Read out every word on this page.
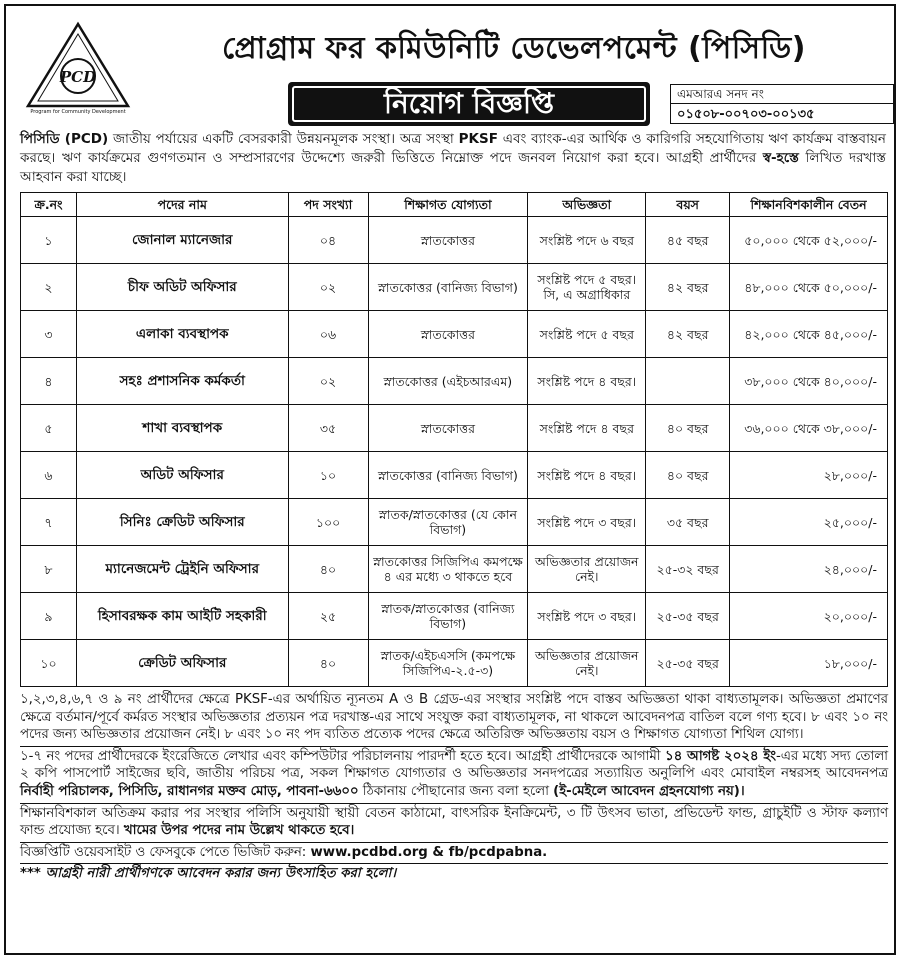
PCD
Program for Community Development
প্রোগ্রাম ফর কমিউনিটি ডেভেলপমেন্ট (পিসিডি)
নিয়োগ বিজ্ঞপ্তি	এমআরএ সনদ নং
০১৫০৮-০০৭০৩-০০১৩৫
পিসিডি (PCD) জাতীয় পর্যায়ের একটি বেসরকারী উন্নয়নমূলক সংস্থা। অত্র সংস্থা PKSF এবং ব্যাংক-এর আর্থিক ও কারিগরি সহযোগিতায় ঋণ কার্যক্রম বাস্তবায়ন করছে। ঋণ কার্যক্রমের গুণগতমান ও সম্প্রসারণের উদ্দেশ্যে জরুরী ভিত্তিতে নিম্নোক্ত পদে জনবল নিয়োগ করা হবে। আগ্রহী প্রার্থীদের স্ব-হস্তে লিখিত দরখাস্ত আহবান করা যাচ্ছে।
ক্র.নং	পদের নাম	পদ সংখ্যা	শিক্ষাগত যোগ্যতা	অভিজ্ঞতা	বয়স	শিক্ষানবিশকালীন বেতন
১	জোনাল ম্যানেজার	০৪	স্নাতকোত্তর	সংশ্লিষ্ট পদে ৬ বছর	৪৫ বছর	৫০,০০০ থেকে ৫২,০০০/-
২	চীফ অডিট অফিসার	০২	স্নাতকোত্তর (বানিজ্য বিভাগ)	সংশ্লিষ্ট পদে ৫ বছর। সি, এ অগ্রাধিকার	৪২ বছর	৪৮,০০০ থেকে ৫০,০০০/-
৩	এলাকা ব্যবস্থাপক	০৬	স্নাতকোত্তর	সংশ্লিষ্ট পদে ৫ বছর	৪২ বছর	৪২,০০০ থেকে ৪৫,০০০/-
৪	সহঃ প্রশাসনিক কর্মকর্তা	০২	স্নাতকোত্তর (এইচআরএম)	সংশ্লিষ্ট পদে ৪ বছর।		৩৮,০০০ থেকে ৪০,০০০/-
৫	শাখা ব্যবস্থাপক	৩৫	স্নাতকোত্তর	সংশ্লিষ্ট পদে ৪ বছর	৪০ বছর	৩৬,০০০ থেকে ৩৮,০০০/-
৬	অডিট অফিসার	১০	স্নাতকোত্তর (বানিজ্য বিভাগ)	সংশ্লিষ্ট পদে ৪ বছর।	৪০ বছর	২৮,০০০/-
৭	সিনিঃ ক্রেডিট অফিসার	১০০	স্নাতক/স্নাতকোত্তর (যে কোন বিভাগ)	সংশ্লিষ্ট পদে ৩ বছর।	৩৫ বছর	২৫,০০০/-
৮	ম্যানেজমেন্ট ট্রেইনি অফিসার	৪০	স্নাতকোত্তর সিজিপিএ কমপক্ষে ৪ এর মধ্যে ৩ থাকতে হবে	অভিজ্ঞতার প্রয়োজন নেই।	২৫-৩২ বছর	২৪,০০০/-
৯	হিসাবরক্ষক কাম আইটি সহকারী	২৫	স্নাতক/স্নাতকোত্তর (বানিজ্য বিভাগ)	সংশ্লিষ্ট পদে ৩ বছর।	২৫-৩৫ বছর	২০,০০০/-
১০	ক্রেডিট অফিসার	৪০	স্নাতক/এইচএসসি (কমপক্ষে সিজিপিএ-২.৫-৩)	অভিজ্ঞতার প্রয়োজন নেই।	২৫-৩৫ বছর	১৮,০০০/-

১,২,৩,৪,৬,৭ ও ৯ নং প্রার্থীদের ক্ষেত্রে PKSF-এর অর্থায়িত ন্যূনতম A ও B গ্রেড-এর সংস্থার সংশ্লিষ্ট পদে বাস্তব অভিজ্ঞতা থাকা বাধ্যতামূলক। অভিজ্ঞতা প্রমাণের ক্ষেত্রে বর্তমান/পূর্বে কর্মরত সংস্থার অভিজ্ঞতার প্রত্যয়ন পত্র দরখাস্ত-এর সাথে সংযুক্ত করা বাধ্যতামূলক, না থাকলে আবেদনপত্র বাতিল বলে গণ্য হবে। ৮ এবং ১০ নং পদের জন্য অভিজ্ঞতার প্রয়োজন নেই। ৮ এবং ১০ নং পদ ব্যতিত প্রত্যেক পদের ক্ষেত্রে অতিরিক্ত অভিজ্ঞতায় বয়স ও শিক্ষাগত যোগ্যতা শিথিল যোগ্য।

১-৭ নং পদের প্রার্থীদেরকে ইংরেজিতে লেখার এবং কম্পিউটার পরিচালনায় পারদর্শী হতে হবে। আগ্রহী প্রার্থীদেরকে আগামী ১৪ আগষ্ট ২০২৪ ইং-এর মধ্যে সদ্য তোলা ২ কপি পাসপোর্ট সাইজের ছবি, জাতীয় পরিচয় পত্র, সকল শিক্ষাগত যোগ্যতার ও অভিজ্ঞতার সনদপত্রের সত্যায়িত অনুলিপি এবং মোবাইল নম্বরসহ আবেদনপত্র নির্বাহী পরিচালক, পিসিডি, রাধানগর মক্তব মোড়, পাবনা-৬৬০০ ঠিকানায় পৌছানোর জন্য বলা হলো (ই-মেইলে আবেদন গ্রহনযোগ্য নয়)।

শিক্ষানবিশকাল অতিক্রম করার পর সংস্থার পলিসি অনুযায়ী স্থায়ী বেতন কাঠামো, বাৎসরিক ইনক্রিমেন্ট, ৩ টি উৎসব ভাতা, প্রভিডেন্ট ফান্ড, গ্রাচুইটি ও স্টাফ কল্যাণ ফান্ড প্রযোজ্য হবে। খামের উপর পদের নাম উল্লেখ থাকতে হবে।

বিজ্ঞপ্তিটি ওয়েবসাইট ও ফেসবুকে পেতে ভিজিট করুন: www.pcdbd.org & fb/pcdpabna.

*** আগ্রহী নারী প্রার্থীগণকে আবেদন করার জন্য উৎসাহিত করা হলো।
